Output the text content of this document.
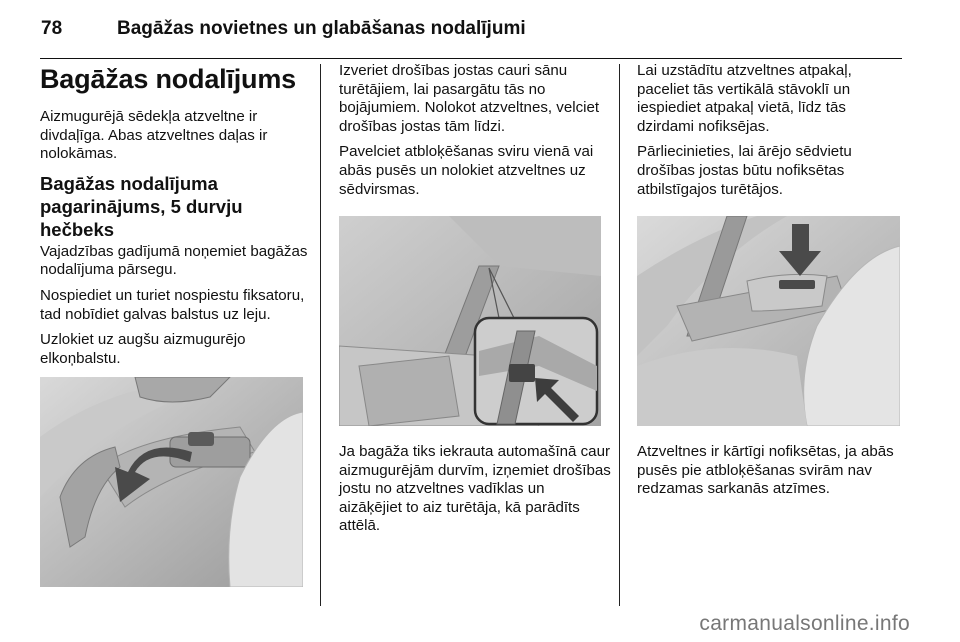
78	Bagāžas novietnes un glabāšanas nodalījumi
Bagāžas nodalījums

Aizmugurējā sēdekļa atzveltne ir divdaļīga. Abas atzveltnes daļas ir nolokāmas.

Bagāžas nodalījuma pagarinājums, 5 durvju hečbeks

Vajadzības gadījumā noņemiet bagāžas nodalījuma pārsegu.

Nospiediet un turiet nospiestu fiksatoru, tad nobīdiet galvas balstus uz leju.

Uzlokiet uz augšu aizmugurējo elkoņbalstu.

Izveriet drošības jostas cauri sānu turētājiem, lai pasargātu tās no bojājumiem. Nolokot atzveltnes, velciet drošības jostas tām līdzi.

Pavelciet atbloķēšanas sviru vienā vai abās pusēs un nolokiet atzveltnes uz sēdvirsmas.

Ja bagāža tiks iekrauta automašīnā caur aizmugurējām durvīm, izņemiet drošības jostu no atzveltnes vadīklas un aizāķējiet to aiz turētāja, kā parādīts attēlā.

Lai uzstādītu atzveltnes atpakaļ, paceliet tās vertikālā stāvoklī un iespiediet atpakaļ vietā, līdz tās dzirdami nofiksējas.

Pārliecinieties, lai ārējo sēdvietu drošības jostas būtu nofiksētas atbilstīgajos turētājos.

Atzveltnes ir kārtīgi nofiksētas, ja abās pusēs pie atbloķēšanas svirām nav redzamas sarkanās atzīmes.

carmanualsonline.info
